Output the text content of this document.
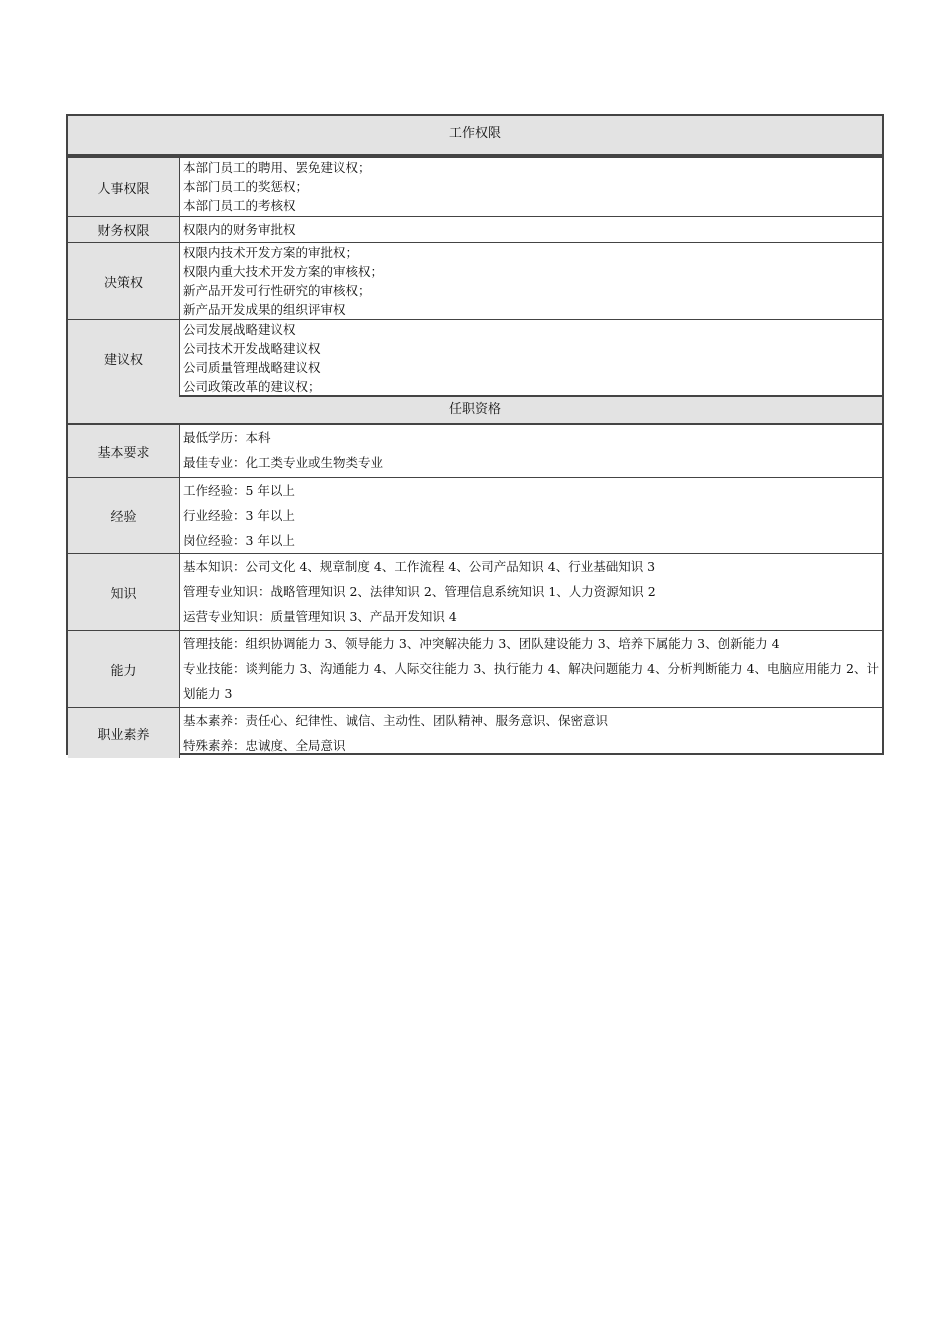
工作权限
人事权限
本部门员工的聘用、罢免建议权；
本部门员工的奖惩权；
本部门员工的考核权
财务权限	权限内的财务审批权
决策权
权限内技术开发方案的审批权；
权限内重大技术开发方案的审核权；
新产品开发可行性研究的审核权；
新产品开发成果的组织评审权
建议权
公司发展战略建议权
公司技术开发战略建议权
公司质量管理战略建议权
公司政策改革的建议权；
任职资格
基本要求
最低学历：本科
最佳专业：化工类专业或生物类专业
经验
工作经验：5 年以上
行业经验：3 年以上
岗位经验：3 年以上
知识
基本知识：公司文化 4、规章制度 4、工作流程 4、公司产品知识 4、行业基础知识 3
管理专业知识：战略管理知识 2、法律知识 2、管理信息系统知识 1、人力资源知识 2
运营专业知识：质量管理知识 3、产品开发知识 4
能力
管理技能：组织协调能力 3、领导能力 3、冲突解决能力 3、团队建设能力 3、培养下属能力 3、创新能力 4
专业技能：谈判能力 3、沟通能力 4、人际交往能力 3、执行能力 4、解决问题能力 4、分析判断能力 4、电脑应用能力 2、计划能力 3
职业素养
基本素养：责任心、纪律性、诚信、主动性、团队精神、服务意识、保密意识
特殊素养：忠诚度、全局意识
